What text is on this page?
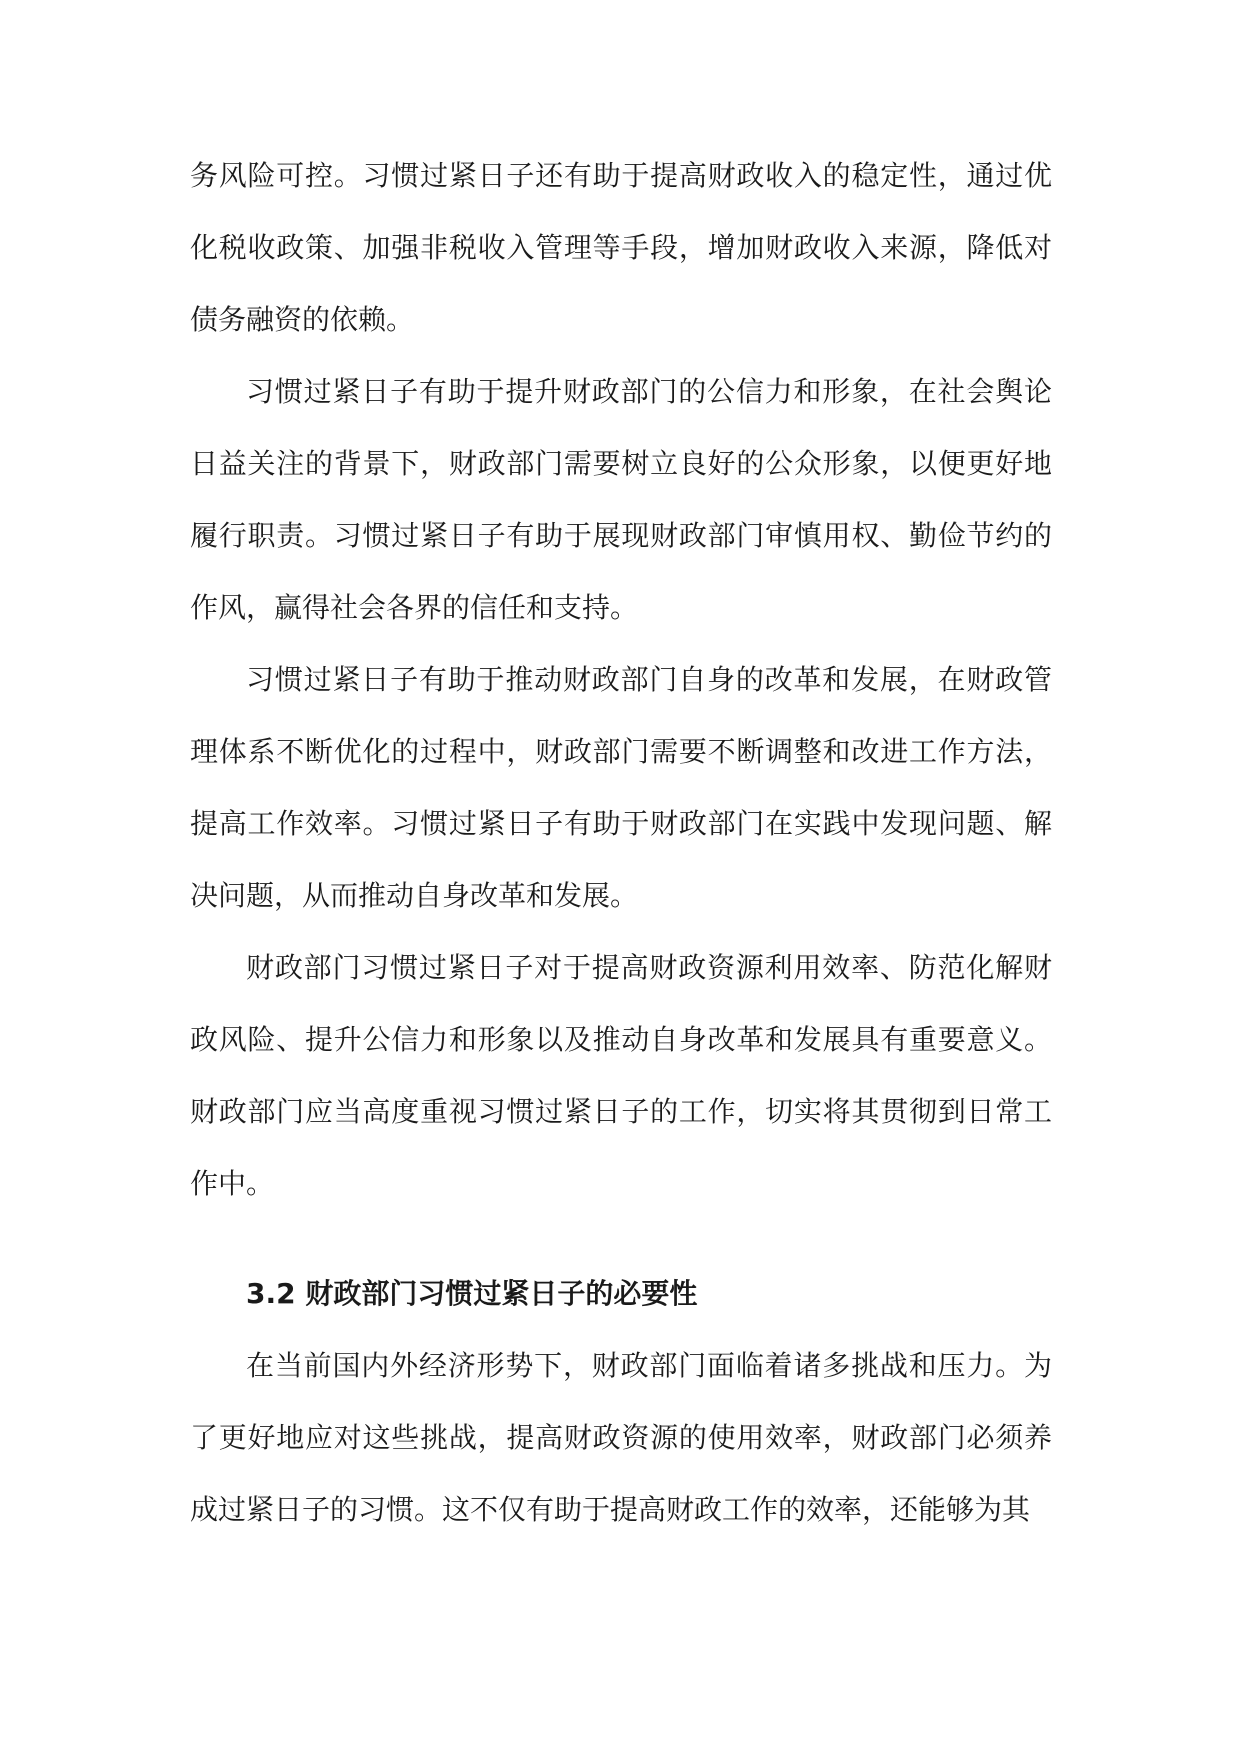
务风险可控。习惯过紧日子还有助于提高财政收入的稳定性，通过优化税收政策、加强非税收入管理等手段，增加财政收入来源，降低对债务融资的依赖。

习惯过紧日子有助于提升财政部门的公信力和形象，在社会舆论日益关注的背景下，财政部门需要树立良好的公众形象，以便更好地履行职责。习惯过紧日子有助于展现财政部门审慎用权、勤俭节约的作风，赢得社会各界的信任和支持。

习惯过紧日子有助于推动财政部门自身的改革和发展，在财政管理体系不断优化的过程中，财政部门需要不断调整和改进工作方法，提高工作效率。习惯过紧日子有助于财政部门在实践中发现问题、解决问题，从而推动自身改革和发展。

财政部门习惯过紧日子对于提高财政资源利用效率、防范化解财政风险、提升公信力和形象以及推动自身改革和发展具有重要意义。财政部门应当高度重视习惯过紧日子的工作，切实将其贯彻到日常工作中。

3.2 财政部门习惯过紧日子的必要性

在当前国内外经济形势下，财政部门面临着诸多挑战和压力。为了更好地应对这些挑战，提高财政资源的使用效率，财政部门必须养成过紧日子的习惯。这不仅有助于提高财政工作的效率，还能够为其
